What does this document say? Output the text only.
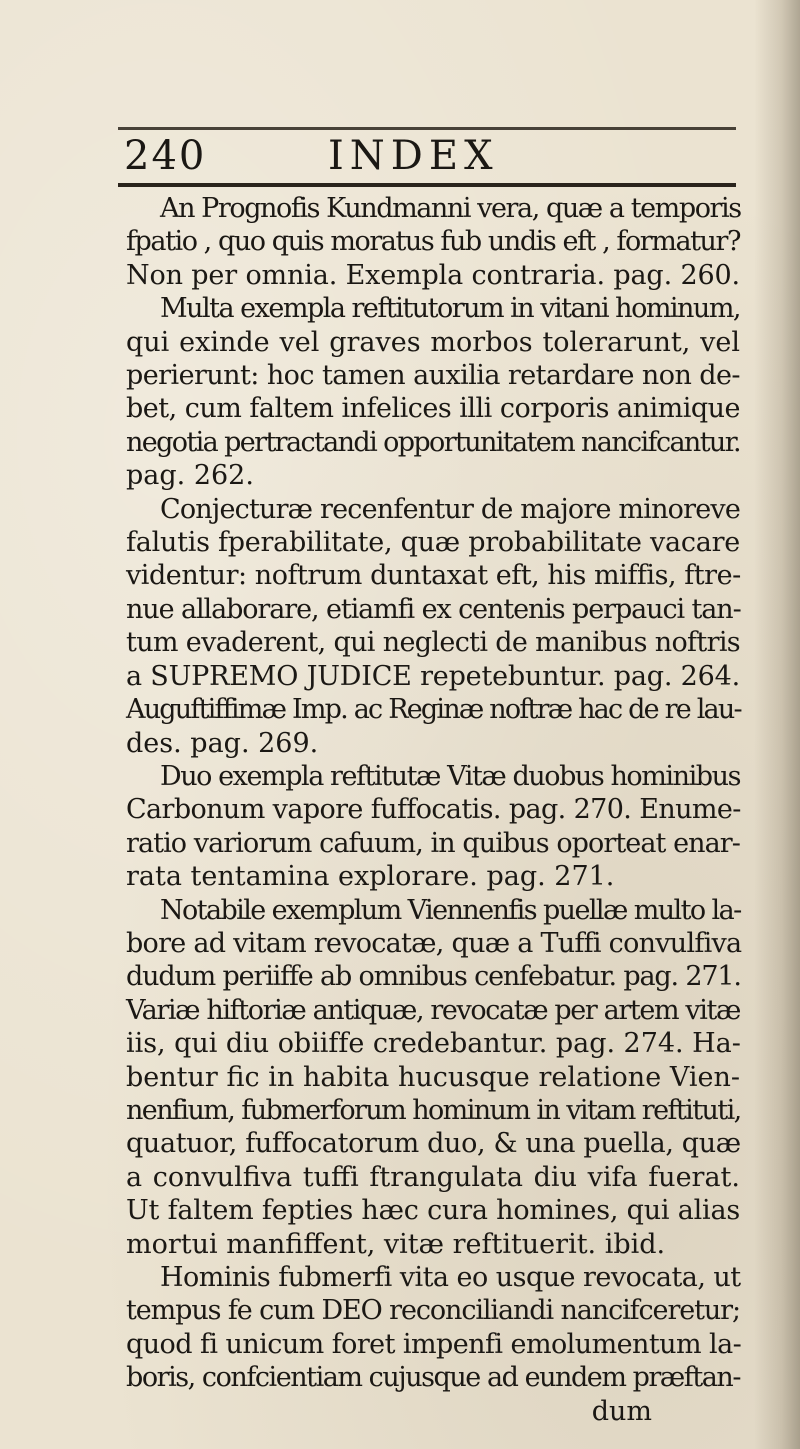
240	INDEX
An Prognofis Kundmanni vera, quæ a temporis
fpatio , quo quis moratus fub undis eft , formatur?
Non per omnia. Exempla contraria. pag. 260.
Multa exempla reftitutorum in vitani hominum,
qui exinde vel graves morbos tolerarunt, vel
perierunt: hoc tamen auxilia retardare non de-
bet, cum faltem infelices illi corporis animique
negotia pertractandi opportunitatem nancifcantur.
pag. 262.
Conjecturæ recenfentur de majore minoreve
falutis fperabilitate, quæ probabilitate vacare
videntur: noftrum duntaxat eft, his miffis, ftre-
nue allaborare, etiamfi ex centenis perpauci tan-
tum evaderent, qui neglecti de manibus noftris
a SUPREMO JUDICE repetebuntur. pag. 264.
Auguftiffimæ Imp. ac Reginæ noftræ hac de re lau-
des. pag. 269.
Duo exempla reftitutæ Vitæ duobus hominibus
Carbonum vapore fuffocatis. pag. 270. Enume-
ratio variorum cafuum, in quibus oporteat enar-
rata tentamina explorare. pag. 271.
Notabile exemplum Viennenfis puellæ multo la-
bore ad vitam revocatæ, quæ a Tuffi convulfiva
dudum periiffe ab omnibus cenfebatur. pag. 271.
Variæ hiftoriæ antiquæ, revocatæ per artem vitæ
iis, qui diu obiiffe credebantur. pag. 274. Ha-
bentur fic in habita hucusque relatione Vien-
nenfium, fubmerforum hominum in vitam reftituti,
quatuor, fuffocatorum duo, & una puella, quæ
a convulfiva tuffi ftrangulata diu vifa fuerat.
Ut faltem fepties hæc cura homines, qui alias
mortui manfiffent, vitæ reftituerit. ibid.
Hominis fubmerfi vita eo usque revocata, ut
tempus fe cum DEO reconciliandi nancifceretur;
quod fi unicum foret impenfi emolumentum la-
boris, confcientiam cujusque ad eundem præftan-
dum
